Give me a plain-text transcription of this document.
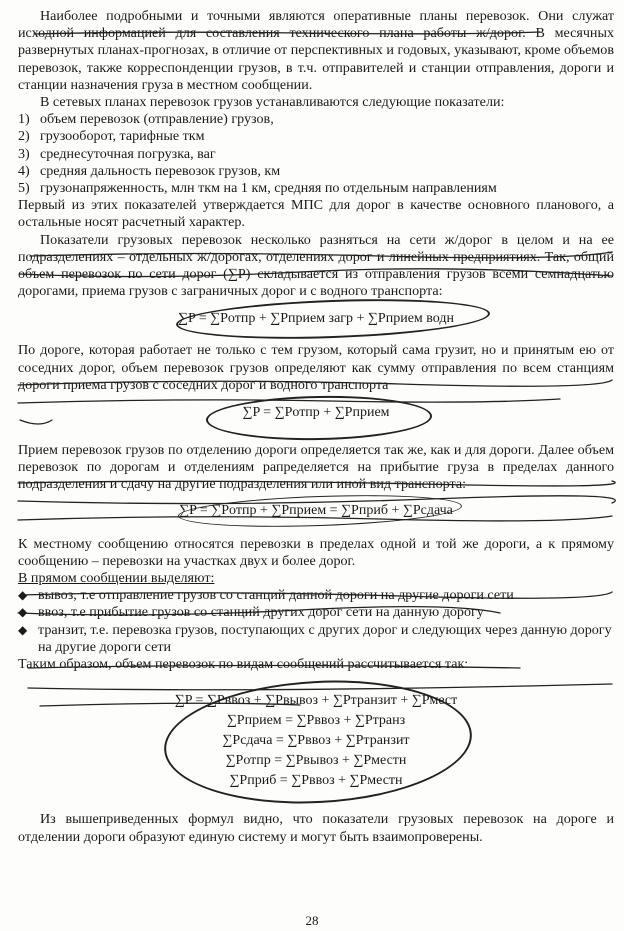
Наиболее подробными и точными являются оперативные планы перевозок. Они служат исходной информацией для составления технического плана работы ж/дорог. В месячных развернутых планах-прогнозах, в отличие от перспективных и годовых, указывают, кроме объемов перевозок, также корреспонденции грузов, в т.ч. отправителей и станции отправления, дороги и станции назначения груза в местном сообщении.

В сетевых планах перевозок грузов устанавливаются следующие показатели:

1) объем перевозок (отправление) грузов,
2) грузооборот, тарифные ткм
3) среднесуточная погрузка, ваг
4) средняя дальность перевозок грузов, км
5) грузонапряженность, млн ткм на 1 км, средняя по отдельным направлениям

Первый из этих показателей утверждается МПС для дорог в качестве основного планового, а остальные носят расчетный характер.

Показатели грузовых перевозок несколько разняться на сети ж/дорог в целом и на ее подразделениях – отдельных ж/дорогах, отделениях дорог и линейных предприятиях. Так, общий объем перевозок по сети дорог (∑P) складывается из отправления грузов всеми семнадцатью дорогами, приема грузов с заграничных дорог и с водного транспорта:

∑P = ∑Pотпр + ∑Pприем загр + ∑Pприем водн

По дороге, которая работает не только с тем грузом, который сама грузит, но и принятым ею от соседних дорог, объем перевозок грузов определяют как сумму отправления по всем станциям дороги приема грузов с соседних дорог и водного транспорта

∑P = ∑Pотпр + ∑Pприем

Прием перевозок грузов по отделению дороги определяется так же, как и для дороги. Далее объем перевозок по дорогам и отделениям рапределяется на прибытие груза в пределах данного подразделения и сдачу на другие подразделения или иной вид транспорта:

∑P = ∑Pотпр + ∑Pприем = ∑Pприб + ∑Pсдача

К местному сообщению относятся перевозки в пределах одной и той же дороги, а к прямому сообщению – перевозки на участках двух и более дорог.

В прямом сообщении выделяют:

◆ вывоз, т.е отправление грузов со станций данной дороги на другие дороги сети
◆ ввоз, т.е прибытие грузов со станций других дорог сети на данную дорогу
◆ транзит, т.е. перевозка грузов, поступающих с других дорог и следующих через данную дорогу на другие дороги сети

Таким образом, объем перевозок по видам сообщений рассчитывается так:

∑P = ∑Pввоз + ∑Pвывоз + ∑Pтранзит + ∑Pмест
∑Pприем = ∑Pввоз + ∑Pтранз
∑Pсдача = ∑Pввоз + ∑Pтранзит
∑Pотпр = ∑Pвывоз + ∑Pместн
∑Pприб = ∑Pввоз + ∑Pместн

Из вышеприведенных формул видно, что показатели грузовых перевозок на дороге и отделении дороги образуют единую систему и могут быть взаимопроверены.

28
